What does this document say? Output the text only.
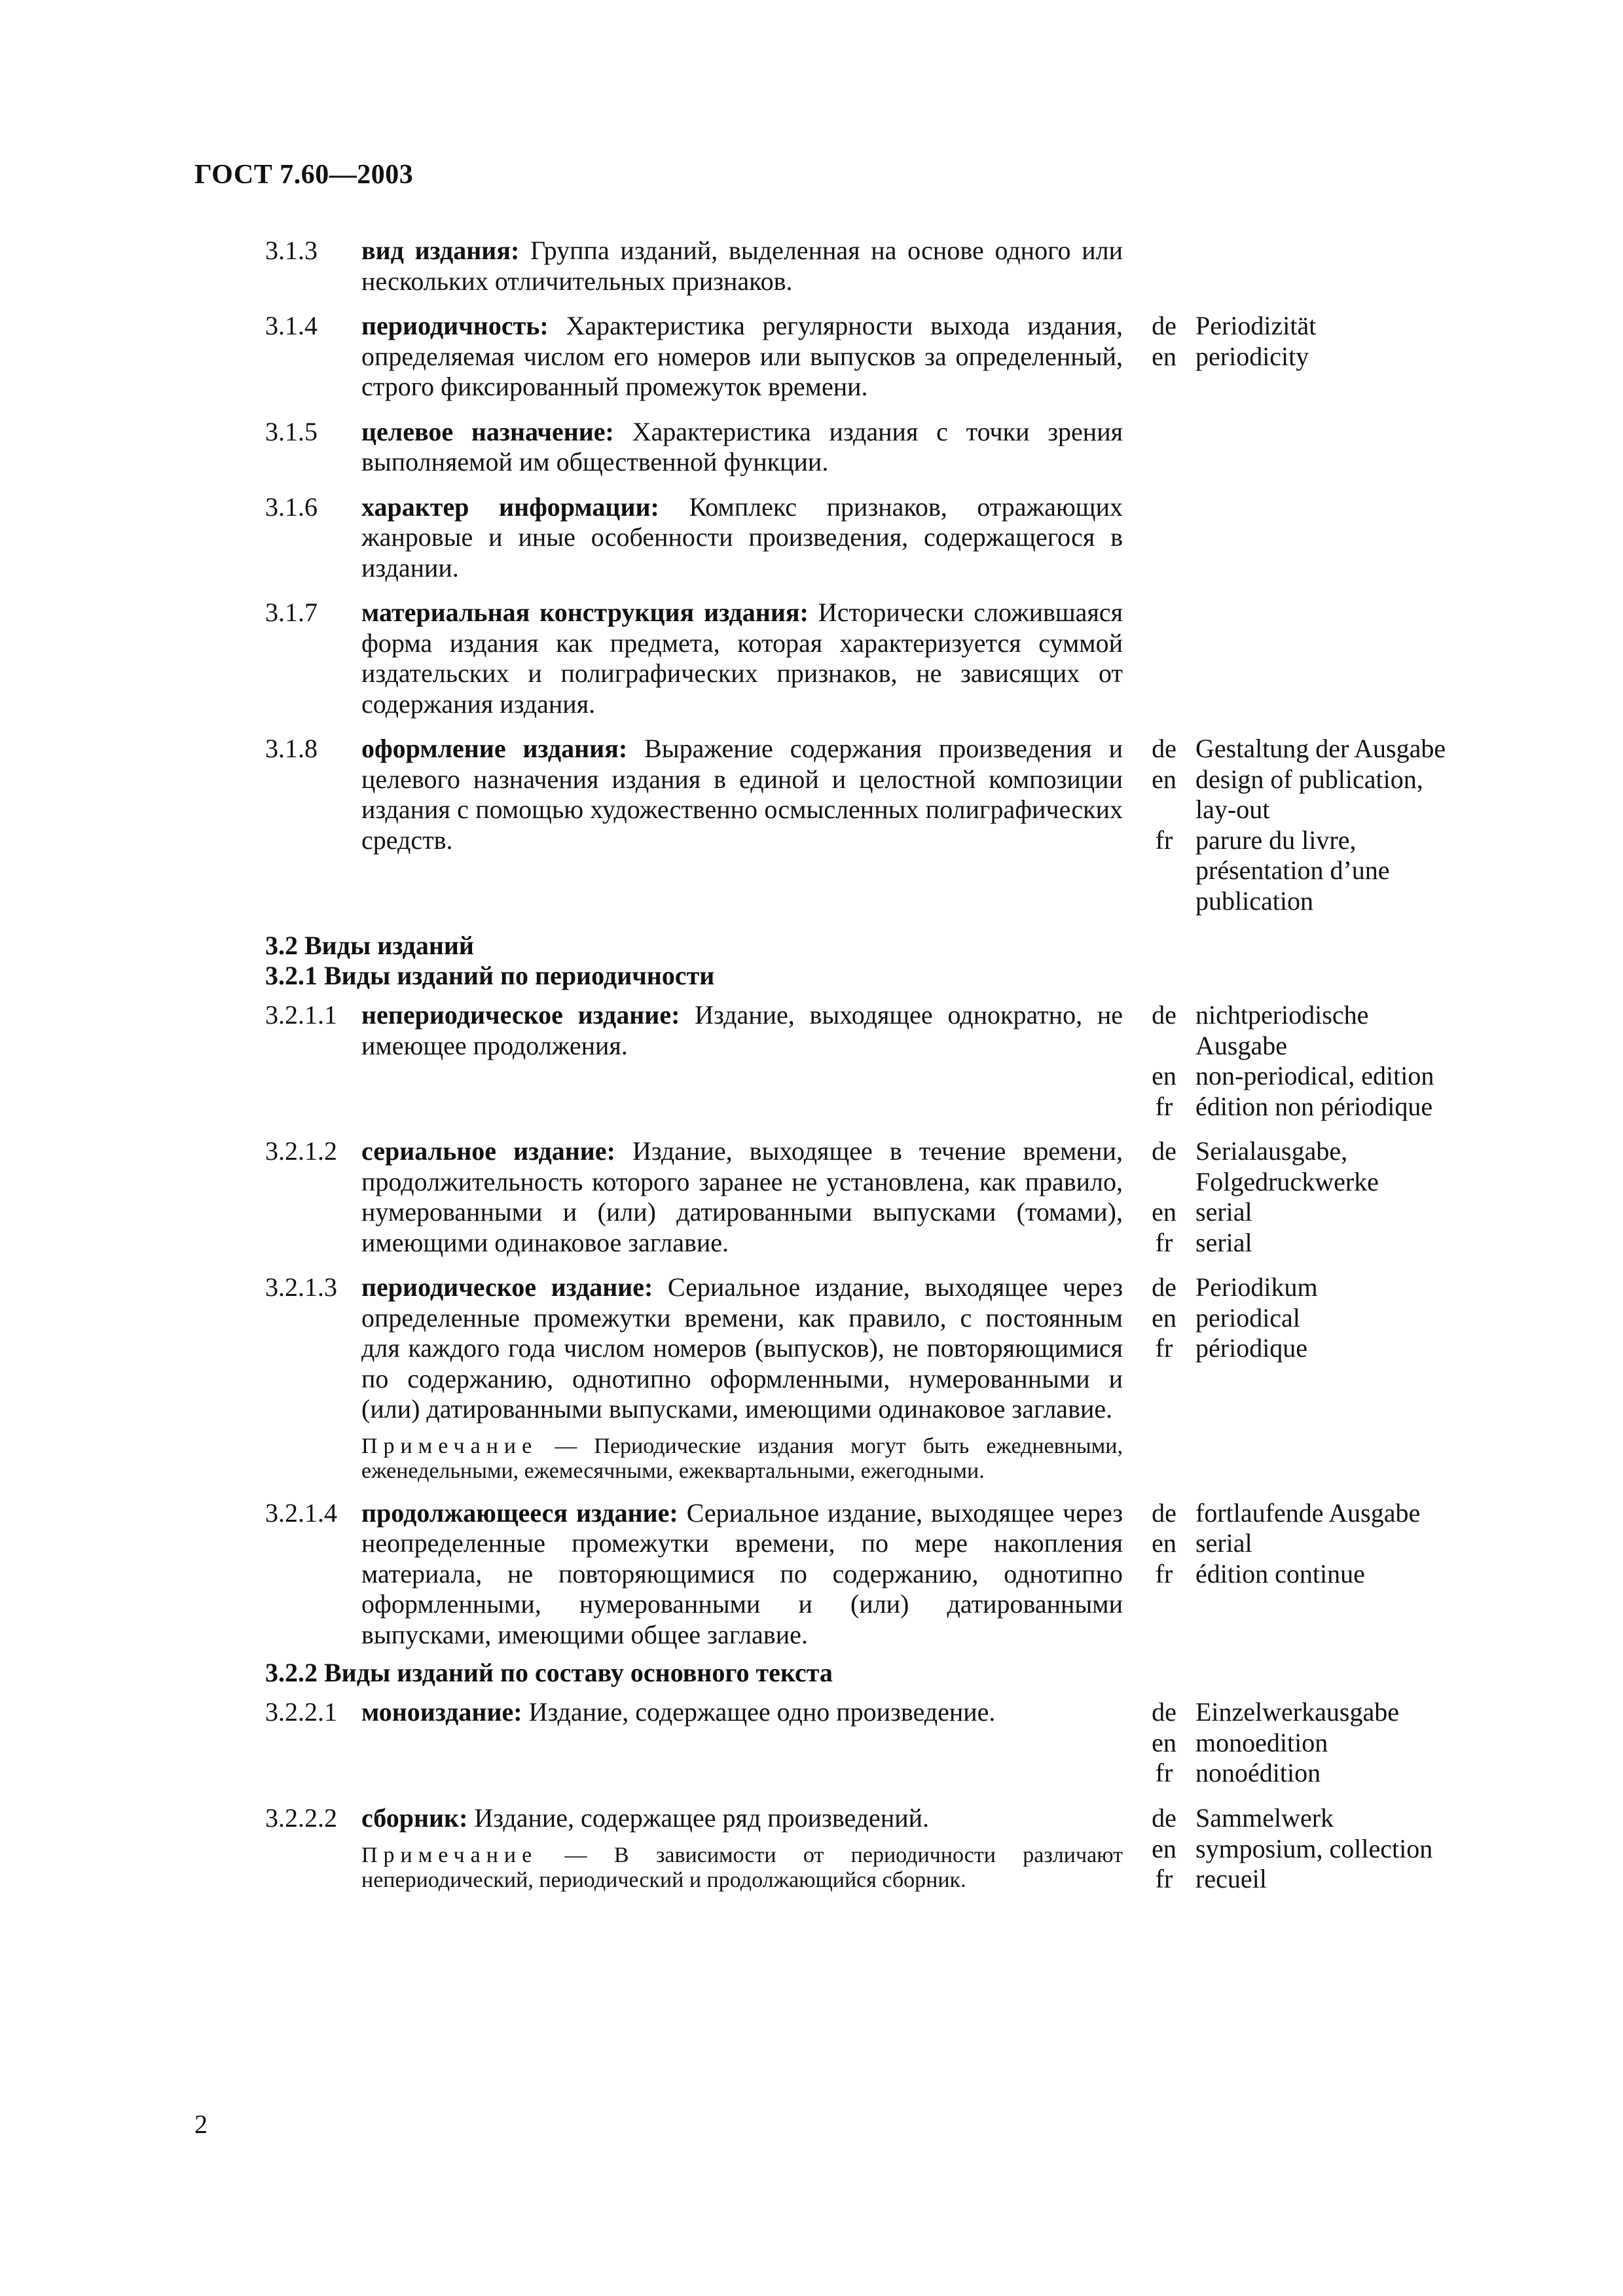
ГОСТ 7.60—2003
3.1.3 вид издания: Группа изданий, выделенная на основе одного или нескольких отличительных признаков.
3.1.4 периодичность: Характеристика регулярности выхода издания, определяемая числом его номеров или выпусков за определенный, строго фиксированный промежуток времени.
de Periodizität
en periodicity
3.1.5 целевое назначение: Характеристика издания с точки зрения выполняемой им общественной функции.
3.1.6 характер информации: Комплекс признаков, отражающих жанровые и иные особенности произведения, содержащегося в издании.
3.1.7 материальная конструкция издания: Исторически сложившаяся форма издания как предмета, которая характеризуется суммой издательских и полиграфических признаков, не зависящих от содержания издания.
3.1.8 оформление издания: Выражение содержания произведения и целевого назначения издания в единой и целостной композиции издания с помощью художественно осмысленных полиграфических средств.
de Gestaltung der Ausgabe
en design of publication,
lay-out
fr parure du livre,
présentation d’une
publication
3.2 Виды изданий
3.2.1 Виды изданий по периодичности
3.2.1.1 непериодическое издание: Издание, выходящее однократно, не имеющее продолжения.
de nichtperiodische
Ausgabe
en non-periodical, edition
fr édition non périodique
3.2.1.2 сериальное издание: Издание, выходящее в течение времени, продолжительность которого заранее не установлена, как правило, нумерованными и (или) датированными выпусками (томами), имеющими одинаковое заглавие.
de Serialausgabe,
Folgedruckwerke
en serial
fr serial
3.2.1.3 периодическое издание: Сериальное издание, выходящее через определенные промежутки времени, как правило, с постоянным для каждого года числом номеров (выпусков), не повторяющимися по содержанию, однотипно оформленными, нумерованными и (или) датированными выпусками, имеющими одинаковое заглавие.
Примечание — Периодические издания могут быть ежедневными, еженедельными, ежемесячными, ежеквартальными, ежегодными.
de Periodikum
en periodical
fr périodique
3.2.1.4 продолжающееся издание: Сериальное издание, выходящее через неопределенные промежутки времени, по мере накопления материала, не повторяющимися по содержанию, однотипно оформленными, нумерованными и (или) датированными выпусками, имеющими общее заглавие.
de fortlaufende Ausgabe
en serial
fr édition continue
3.2.2 Виды изданий по составу основного текста
3.2.2.1 моноиздание: Издание, содержащее одно произведение.	de Einzelwerkausgabe
en monoedition
fr nonoédition
3.2.2.2 сборник: Издание, содержащее ряд произведений.
Примечание — В зависимости от периодичности различают непериодический, периодический и продолжающийся сборник.
de Sammelwerk
en symposium, collection
fr recueil
2
